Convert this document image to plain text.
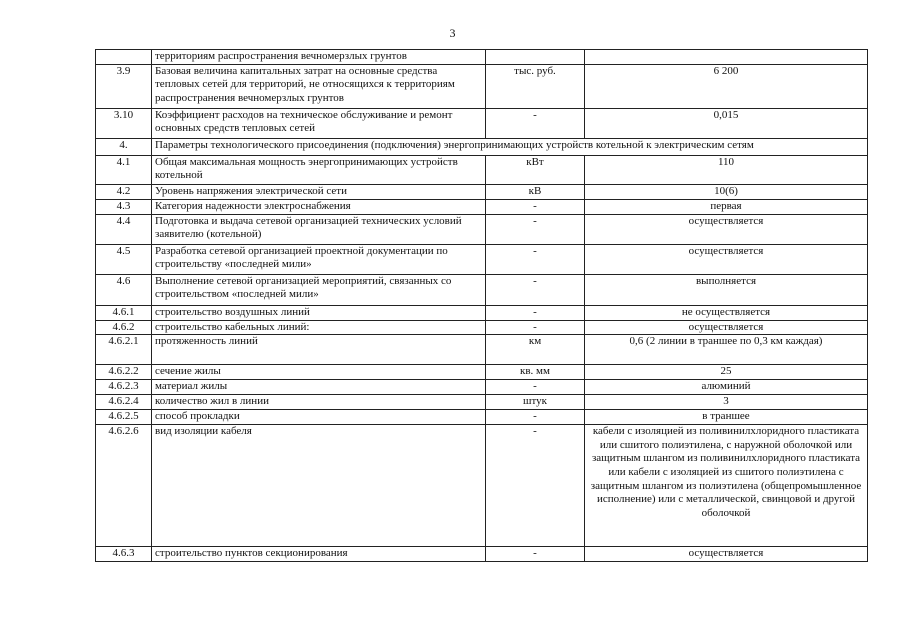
3
	территориям распространения вечномерзлых грунтов		
3.9	Базовая величина капитальных затрат на основные средства тепловых сетей для территорий, не относящихся к территориям распространения вечномерзлых грунтов	тыс. руб.	6 200
3.10	Коэффициент расходов на техническое обслуживание и ремонт основных средств тепловых сетей	-	0,015
4.	Параметры технологического присоединения (подключения) энергопринимающих устройств котельной к электрическим сетям		
4.1	Общая максимальная мощность энергопринимающих устройств котельной	кВт	110
4.2	Уровень напряжения электрической сети	кВ	10(6)
4.3	Категория надежности электроснабжения	-	первая
4.4	Подготовка и выдача сетевой организацией технических условий заявителю (котельной)	-	осуществляется
4.5	Разработка сетевой организацией проектной документации по строительству «последней мили»	-	осуществляется
4.6	Выполнение сетевой организацией мероприятий, связанных со строительством «последней мили»	-	выполняется
4.6.1	строительство воздушных линий	-	не осуществляется
4.6.2	строительство кабельных линий:	-	осуществляется
4.6.2.1	протяженность линий	км	0,6 (2 линии в траншее по 0,3 км каждая)
4.6.2.2	сечение жилы	кв. мм	25
4.6.2.3	материал жилы	-	алюминий
4.6.2.4	количество жил в линии	штук	3
4.6.2.5	способ прокладки	-	в траншее
4.6.2.6	вид изоляции кабеля	-	кабели с изоляцией из поливинилхлоридного пластиката или сшитого полиэтилена, с наружной оболочкой или защитным шлангом из поливинилхлоридного пластиката или кабели с изоляцией из сшитого полиэтилена с защитным шлангом из полиэтилена (общепромышленное исполнение) или с металлической, свинцовой и другой оболочкой
4.6.3	строительство пунктов секционирования	-	осуществляется
